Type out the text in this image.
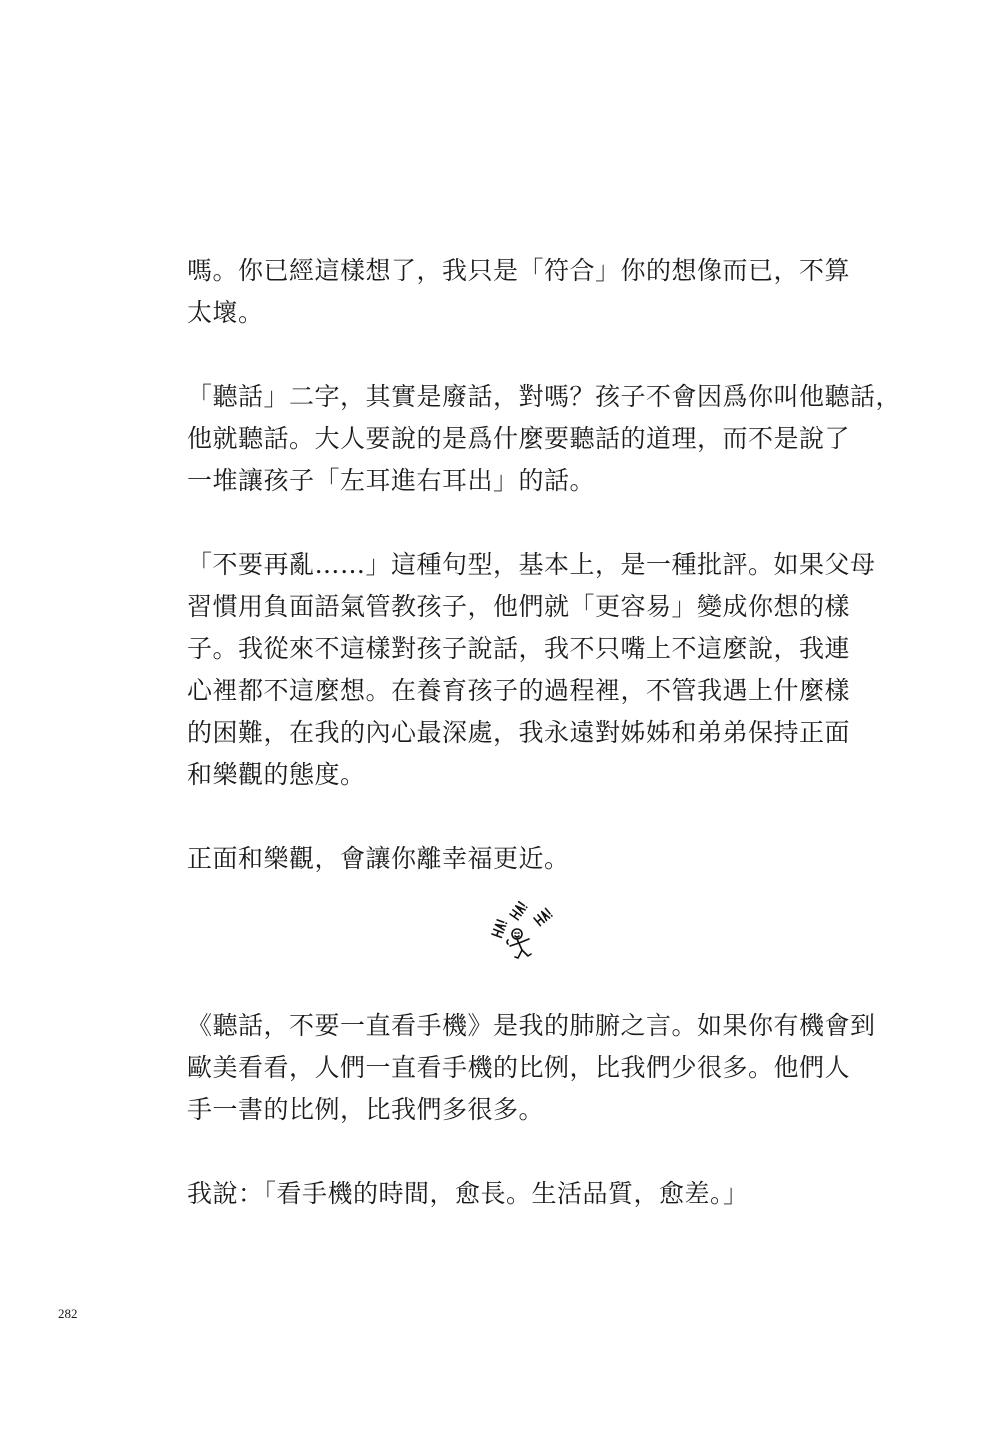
嗎。你已經這樣想了，我只是「符合」你的想像而已，不算
太壞。
「聽話」二字，其實是廢話，對嗎？孩子不會因爲你叫他聽話，
他就聽話。大人要說的是爲什麼要聽話的道理，而不是說了
一堆讓孩子「左耳進右耳出」的話。
「不要再亂……」這種句型，基本上，是一種批評。如果父母
習慣用負面語氣管教孩子，他們就「更容易」變成你想的樣
子。我從來不這樣對孩子說話，我不只嘴上不這麼說，我連
心裡都不這麼想。在養育孩子的過程裡，不管我遇上什麼樣
的困難，在我的內心最深處，我永遠對姊姊和弟弟保持正面
和樂觀的態度。
正面和樂觀，會讓你離幸福更近。
《聽話，不要一直看手機》是我的肺腑之言。如果你有機會到
歐美看看，人們一直看手機的比例，比我們少很多。他們人
手一書的比例，比我們多很多。
我說：「看手機的時間，愈長。生活品質，愈差。」
282
